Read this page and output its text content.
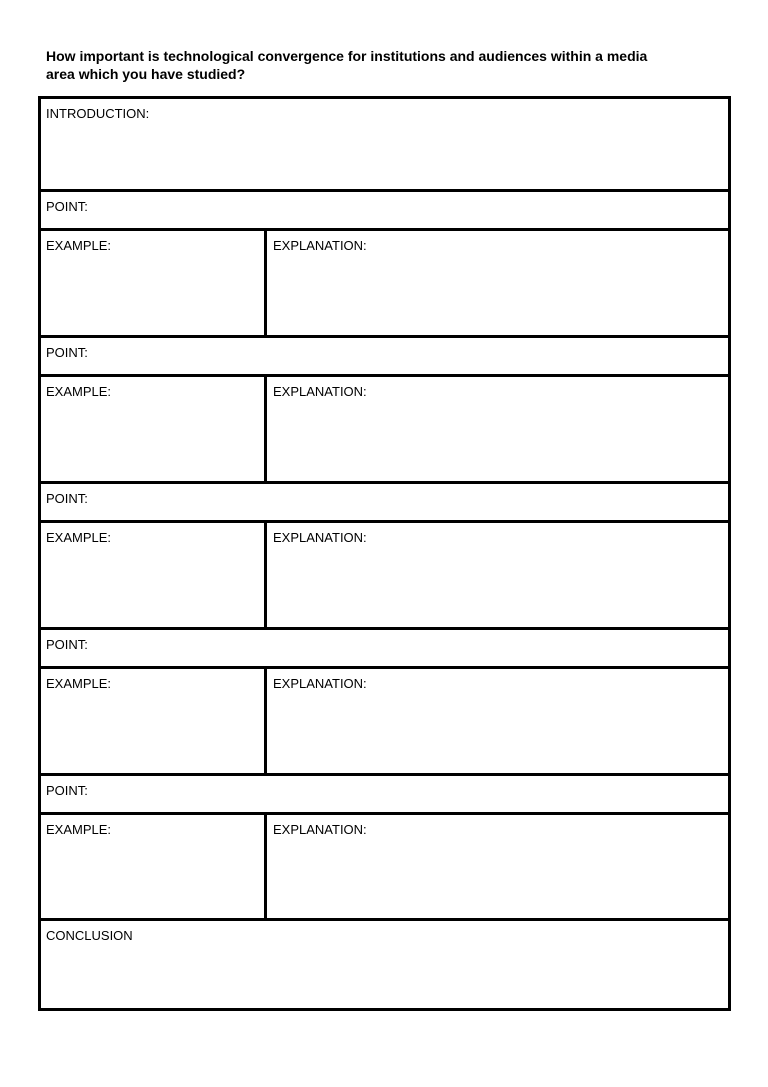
How important is technological convergence for institutions and audiences within a media
area which you have studied?
INTRODUCTION:
POINT:
EXAMPLE:	EXPLANATION:
POINT:
EXAMPLE:	EXPLANATION:
POINT:
EXAMPLE:	EXPLANATION:
POINT:
EXAMPLE:	EXPLANATION:
POINT:
EXAMPLE:	EXPLANATION:
CONCLUSION
